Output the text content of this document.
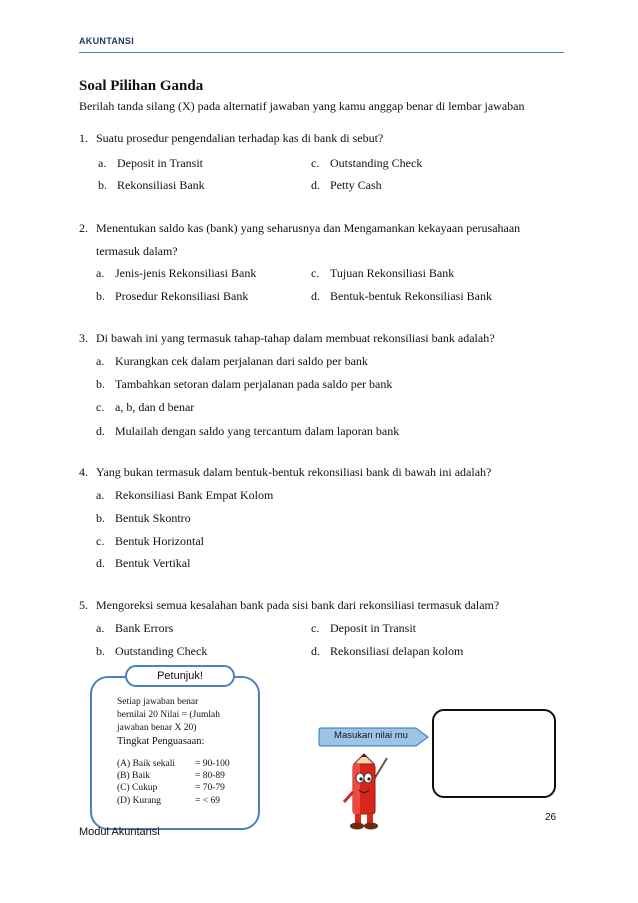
AKUNTANSI
Soal Pilihan Ganda
Berilah tanda silang (X) pada alternatif jawaban yang kamu anggap benar di lembar jawaban
1. Suatu prosedur pengendalian terhadap kas di bank di sebut?
a. Deposit in Transit
b. Rekonsiliasi Bank
c. Outstanding Check
d. Petty Cash
2. Menentukan saldo kas (bank) yang seharusnya dan Mengamankan kekayaan perusahaan
termasuk dalam?
a. Jenis-jenis Rekonsiliasi Bank
b. Prosedur Rekonsiliasi Bank
c. Tujuan Rekonsiliasi Bank
d. Bentuk-bentuk Rekonsiliasi Bank
3. Di bawah ini yang termasuk tahap-tahap dalam membuat rekonsiliasi bank adalah?
a. Kurangkan cek dalam perjalanan dari saldo per bank
b. Tambahkan setoran dalam perjalanan pada saldo per bank
c. a, b, dan d benar
d. Mulailah dengan saldo yang tercantum dalam laporan bank
4. Yang bukan termasuk dalam bentuk-bentuk rekonsiliasi bank di bawah ini adalah?
a. Rekonsiliasi Bank Empat Kolom
b. Bentuk Skontro
c. Bentuk Horizontal
d. Bentuk Vertikal
5. Mengoreksi semua kesalahan bank pada sisi bank dari rekonsiliasi termasuk dalam?
a. Bank Errors
b. Outstanding Check
c. Deposit in Transit
d. Rekonsiliasi delapan kolom
Petunjuk!
Setiap jawaban benar
bernilai 20 Nilai = (Jumlah
jawaban benar X 20)
Tingkat Penguasaan:
(A) Baik sekali = 90-100
(B) Baik	= 80-89
(C) Cukup	= 70-79
(D) Kurang	= < 69
Masukan nilai mu
26
Modul Akuntansi
